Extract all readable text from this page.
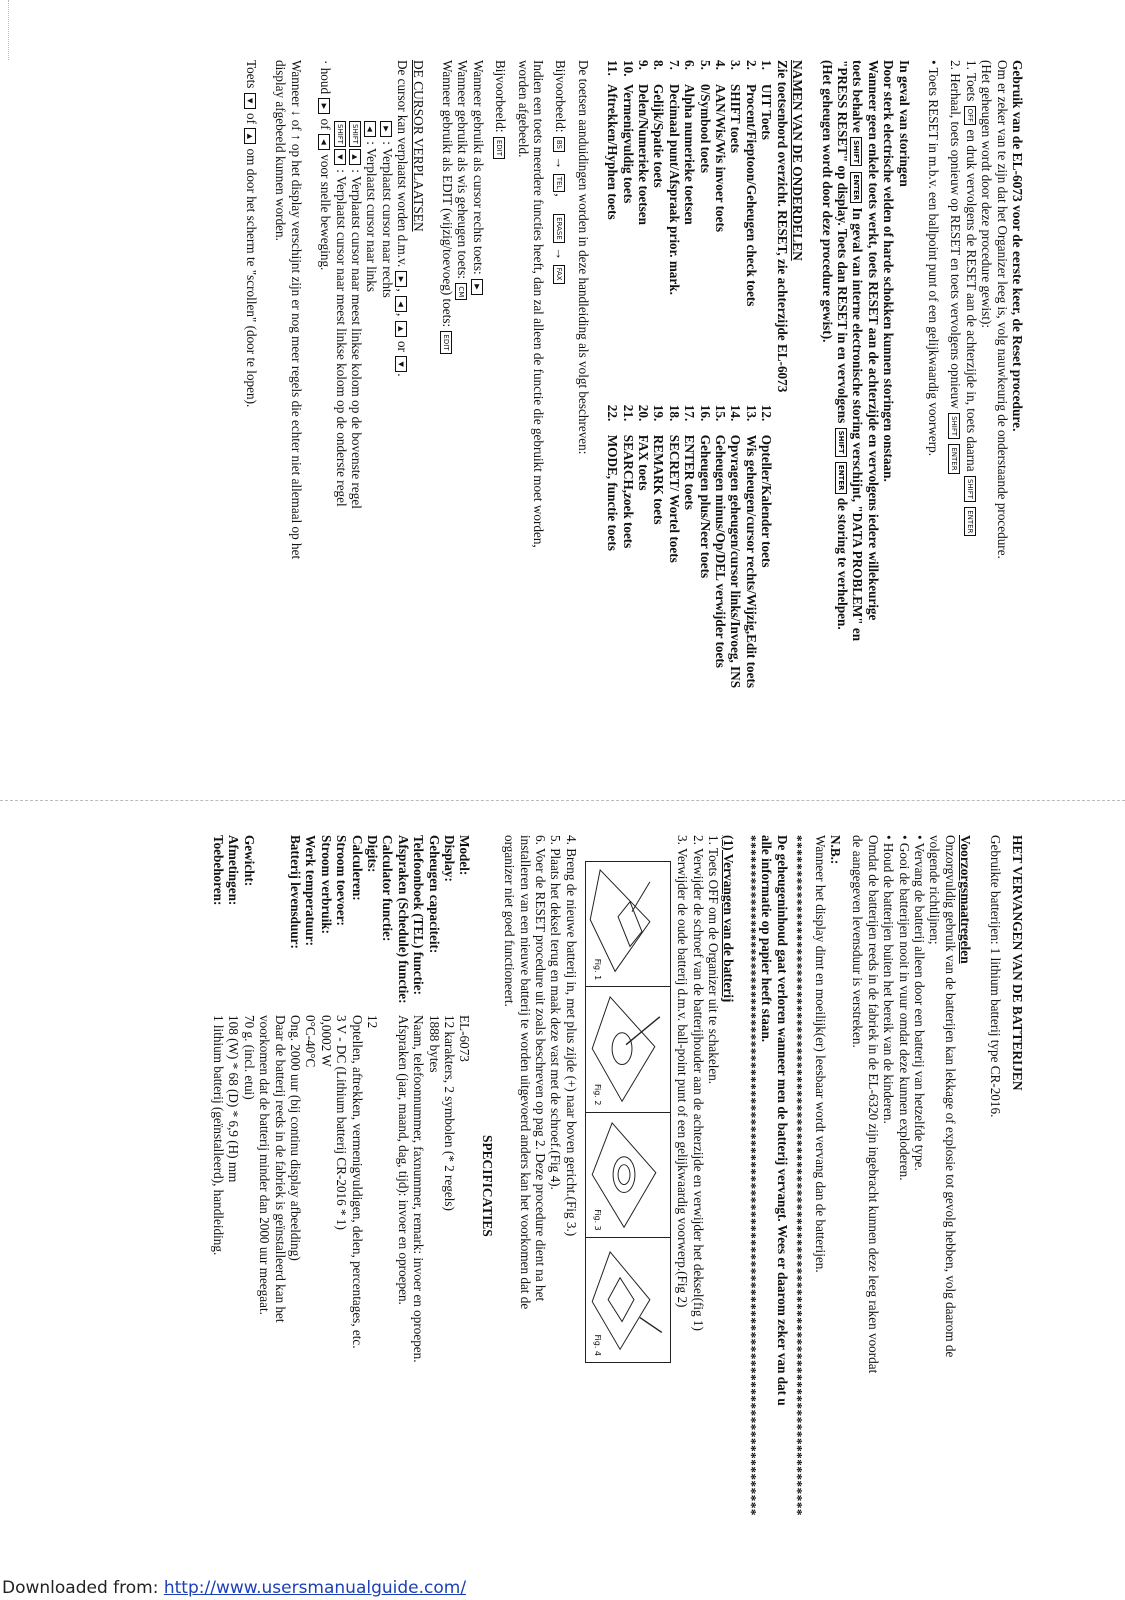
Gebruik van de EL-6073 voor de eerste keer, de Reset procedure.

Om er zeker van te zijn dat het Organizer leeg is, volg nauwkeurig de onderstaande procedure.

(Het geheugen wordt door deze procedure gewist):

1. Toets OFF en druk vervolgens de RESET aan de achterzijde in, toets daarna SHIFT ENTER

2. Herhaal, toets opnieuw op RESET en toets vervolgens opnieuw SHIFT ENTER

• Toets RESET in m.b.v. een ballpoint punt of een gelijkwaardig voorwerp.

In geval van storingen

Door sterk electrische velden of harde schokken kunnen storingen onstaan.

Wanneer geen enkele toets werkt, toets RESET aan de achterzijde en vervolgens iedere willekeurige

toets behalve SHIFT ENTER In geval van interne electronische storing verschijnt, "DATA PROBLEM" en

"PRESS RESET" op display. Toets dan RESET in en vervolgens SHIFT ENTER de storing te verhelpen.

(Het geheugen wordt door deze procedure gewist).

NAMEN VAN DE ONDERDELEN

Zie toetsenbord overzicht. RESET, zie achterzijde EL-6073

1.	UIT Toets	12.	Opteller/Kalender toets
2.	Procent/Fieptoon/Geheugen check toets	13.	Wis geheugen/cursor rechts/Wijzig,Edit toets
3.	SHIFT toets	14.	Opvragen geheugen/cursor links/Invoeg, INS
4.	AAN/Wis/Wis invoer toets	15.	Geheugen minus/Op/DEL verwijder toets
5.	0/Symbool toets	16.	Geheugen plus/Neer toets
6.	Alpha numerieke toetsen	17.	ENTER toets
7.	Decimaal punt/Afspraak prior. mark.	18.	SECRET/ Wortel toets
8.	Gelijk/Spatie toets	19.	REMARK toets
9.	Delen/Numerieke toetsen	20.	FAX toets
10.	Vermenigvuldig toets	21.	SEARCH,zoek toets
11.	Aftrekken/Hyphen toets	22.	MODE, functie toets

De toetsen aanduidingen worden in deze handleiding als volgt beschreven:

Bijvoorbeeld: BS → TEL,     ERASE → FAX

Indien een toets meerdere functies heeft, dan zal alleen de functie die gebruikt moet worden,

worden afgebeeld.

Bijvoorbeeld: EDIT

Wanneer gebruikt als cursor rechts toets: ▶

Wanneer gebruikt als wis geheugen toets: CM

Wanneer gebruikt als EDIT (wijzig/toevoeg) toets: EDIT

DE CURSOR VERPLAATSEN

De cursor kan verplaatst worden d.m.v. ▶, ◀, ▲ or ▼.

▶ : Verplaatst cursor naar rechts

◀ : Verplaatst cursor naar links

SHIFT▲ : Verplaatst cursor naar meest linkse kolom op de bovenste regel

SHIFT▼ : Verplaatst cursor naar meest linkse kolom op de onderste regel

· houd ▶ of ◀ voor snelle beweging.

Wanneer ↓ of ↑ op het display verschijnt zijn er nog meer regels die echter niet allemaal op het

display afgebeeld kunnen worden.

Toets ▼ of ▲ om door het scherm te "scrollen" (door te lopen).

HET VERVANGEN VAN DE BATTERIJEN

Gebruikte batterijen: 1 lithium batterij type CR-2016.

Voorzorgsmaatregelen

Onzorgvuldig gebruik van de batterijen kan lekkage of explosie tot gevolg hebben, volg daarom de

volgende richtlijnen;

• Vervang de batterij alleen door een batterij van hetzelfde type.

• Gooi de batterijen nooit in vuur omdat deze kunnen exploderen.

• Houd de batterijen buiten het bereik van de kinderen.

Omdat de batterijen reeds in de fabriek in de EL-6320 zijn ingebracht kunnen deze leeg raken voordat

de aangegeven levensduur is verstreken.

N.B.:

Wanneer het display dimt en moeilijk(er) leesbaar wordt vervang dan de batterijen.

************************************************************************************************

De geheugeninhoud gaat verloren wanneer men de batterij vervangt. Wees er daarom zeker van dat u

alle informatie op papier heeft staan.

************************************************************************************************

(1) Vervangen van de batterij

1. Toets OFF om de Organizer uit te schakelen.

2. Verwijder de schroef van de batterijhouder aan de achterzijde en verwijder het deksel(fig 1)

3. Verwijder de oude batterij d.m.v. ball-point punt of een gelijkwaardig voorwerp.(Fig 2)

Fig. 1
Fig. 2
Fig. 3
Fig. 4

4. Breng de nieuwe batterij in, met plus zijde (+) naar boven gericht.(Fig 3.)

5. Plaats het deksel terug en maak deze vast met de schroef.(Fig 4).

6. Voer de RESET procedure uit zoals beschreven op pag 2. Deze procedure dient na het

installeren van een nieuwe batterij te worden uitgevoerd anders kan het voorkomen dat de

organizer niet goed functioneert.

SPECIFICATIES
Model:	EL-6073
Display:	12 karakters, 2 symbolen (* 2 regels)
Geheugen capaciteit:	1888 bytes
Telefoonboek (TEL) functie:	Naam, telefoonnummer, faxnummer, remark: invoer en oproepen.
Afspraken (Schedule) functie:	Afspraken (jaar, maand, dag, tijd): invoer en oproepen.
Calculator functie:	
Digits:	12
Calculeren:	Optellen, aftrekken, vermenigvuldigen, delen, percentages, etc.
Stroom toevoer:	3 V - DC (Lithium batterij CR-2016 * 1)
Stroom verbruik:	0,0002 W
Werk temperatuur:	0°C-40°C
Batterij levensduur:	Ong. 2000 uur (bij continu display afbeelding)
	Daar de batterij reeds in de fabriek is geïnstalleerd kan het
	voorkomen dat de batterij minder dan 2000 uur meegaat.
Gewicht:	70 g. (incl. etui)
Afmetingen:	108 (W) * 68 (D) * 6,9 (H) mm
Toebehoren:	1 lithium batterij (geïnstalleerd), handleiding.
Downloaded from: http://www.usersmanualguide.com/
